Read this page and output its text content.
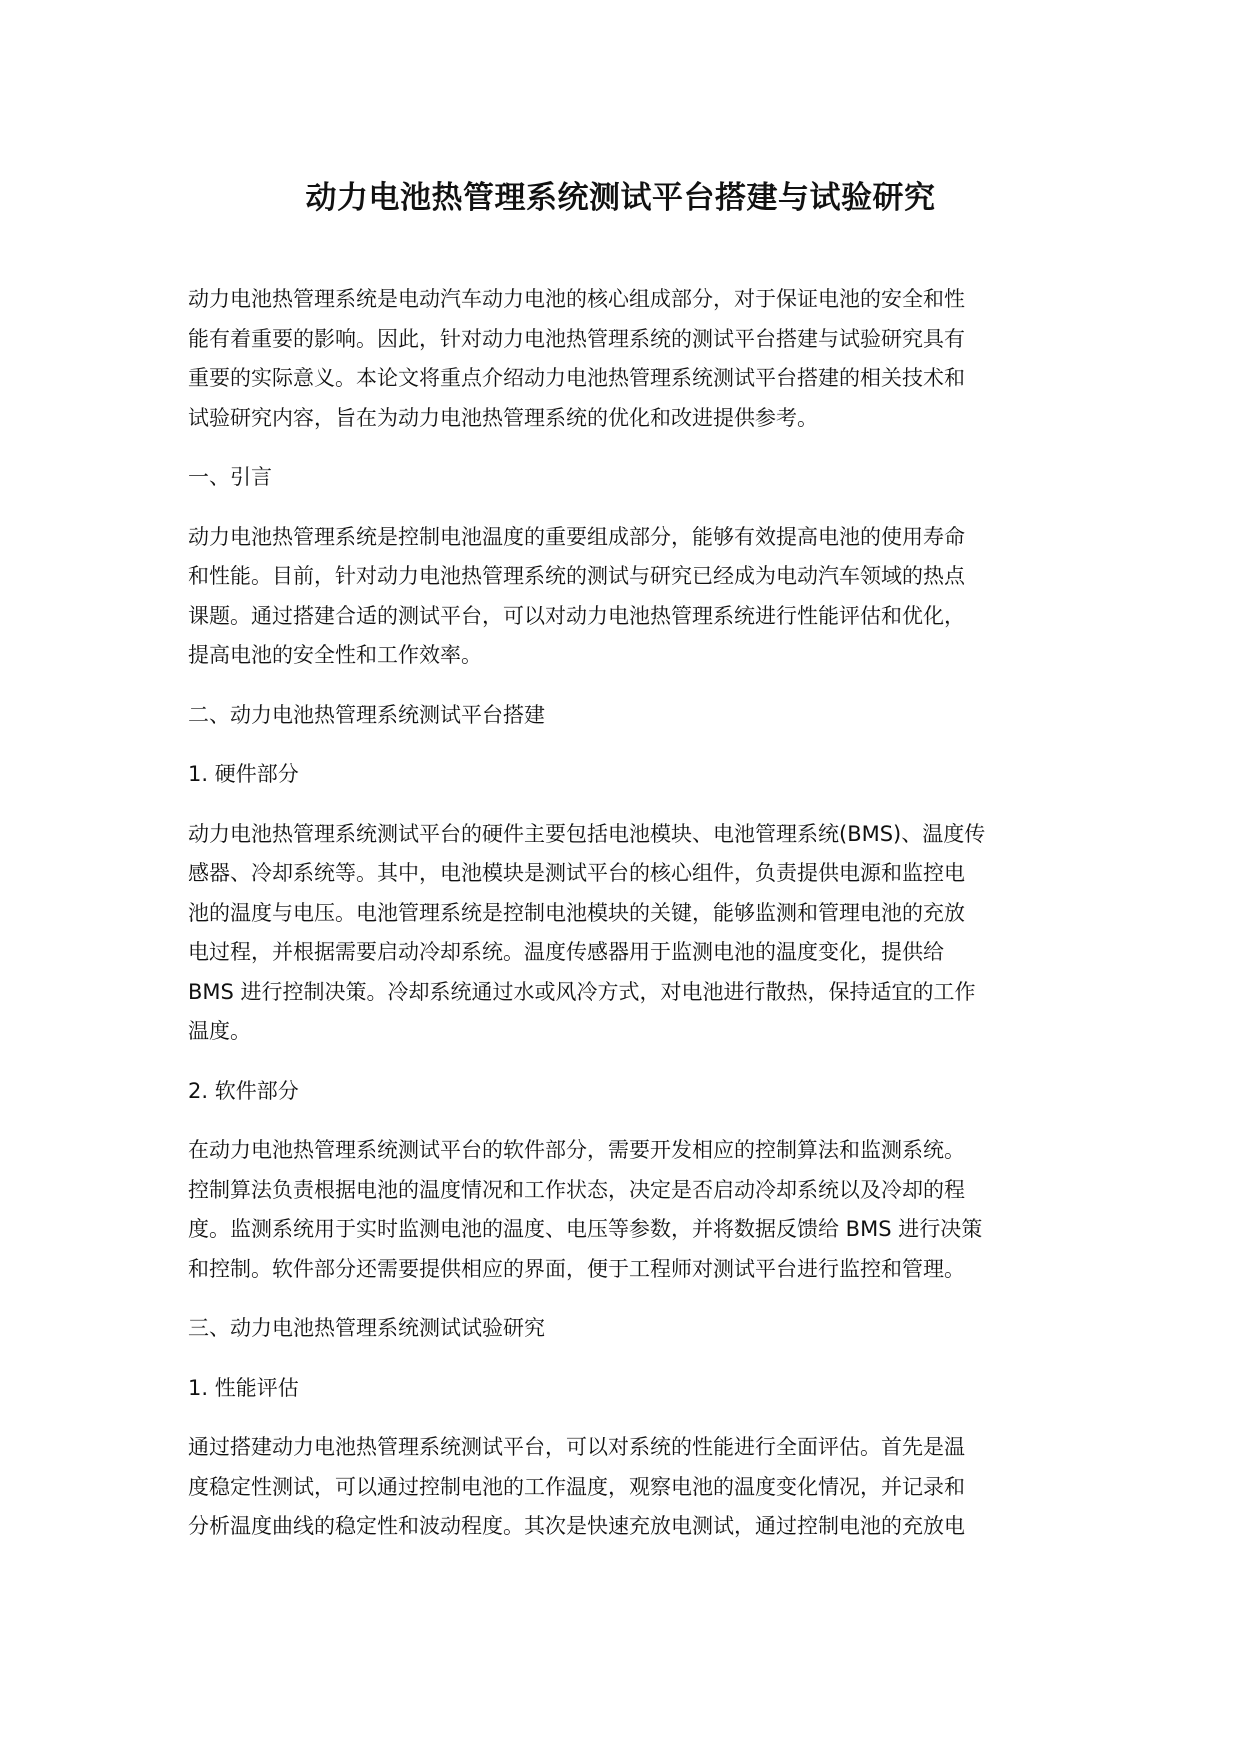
动力电池热管理系统测试平台搭建与试验研究
动力电池热管理系统是电动汽车动力电池的核心组成部分，对于保证电池的安全和性
能有着重要的影响。因此，针对动力电池热管理系统的测试平台搭建与试验研究具有
重要的实际意义。本论文将重点介绍动力电池热管理系统测试平台搭建的相关技术和
试验研究内容，旨在为动力电池热管理系统的优化和改进提供参考。
一、引言
动力电池热管理系统是控制电池温度的重要组成部分，能够有效提高电池的使用寿命
和性能。目前，针对动力电池热管理系统的测试与研究已经成为电动汽车领域的热点
课题。通过搭建合适的测试平台，可以对动力电池热管理系统进行性能评估和优化，
提高电池的安全性和工作效率。
二、动力电池热管理系统测试平台搭建
1. 硬件部分
动力电池热管理系统测试平台的硬件主要包括电池模块、电池管理系统(BMS)、温度传
感器、冷却系统等。其中，电池模块是测试平台的核心组件，负责提供电源和监控电
池的温度与电压。电池管理系统是控制电池模块的关键，能够监测和管理电池的充放
电过程，并根据需要启动冷却系统。温度传感器用于监测电池的温度变化，提供给
BMS 进行控制决策。冷却系统通过水或风冷方式，对电池进行散热，保持适宜的工作
温度。
2. 软件部分
在动力电池热管理系统测试平台的软件部分，需要开发相应的控制算法和监测系统。
控制算法负责根据电池的温度情况和工作状态，决定是否启动冷却系统以及冷却的程
度。监测系统用于实时监测电池的温度、电压等参数，并将数据反馈给 BMS 进行决策
和控制。软件部分还需要提供相应的界面，便于工程师对测试平台进行监控和管理。
三、动力电池热管理系统测试试验研究
1. 性能评估
通过搭建动力电池热管理系统测试平台，可以对系统的性能进行全面评估。首先是温
度稳定性测试，可以通过控制电池的工作温度，观察电池的温度变化情况，并记录和
分析温度曲线的稳定性和波动程度。其次是快速充放电测试，通过控制电池的充放电
